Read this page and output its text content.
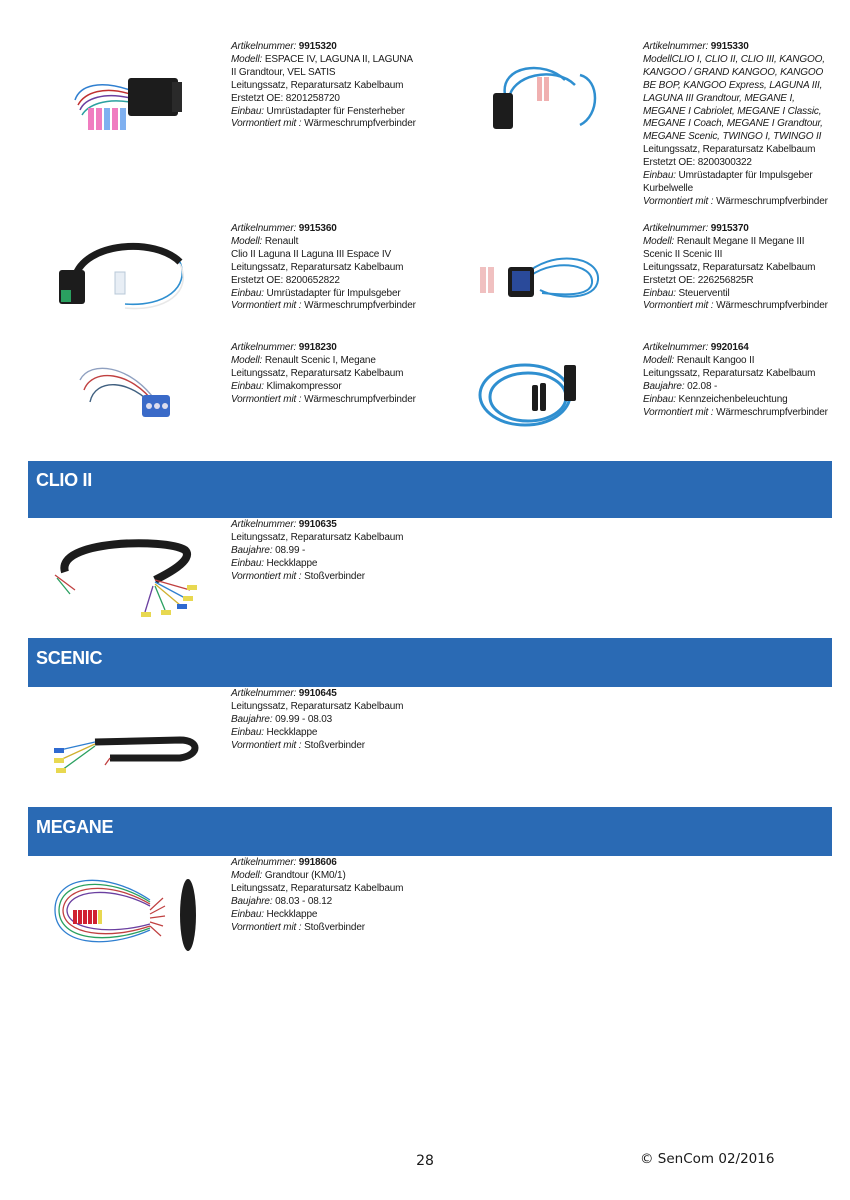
Artikelnummer: 9915320
Modell: ESPACE IV, LAGUNA II, LAGUNA
II Grandtour, VEL SATIS
Leitungssatz, Reparatursatz Kabelbaum
Erstetzt OE: 8201258720
Einbau: Umrüstadapter für Fensterheber
Vormontiert mit : Wärmeschrumpfverbinder
Artikelnummer: 9915330
ModellCLIO I, CLIO II, CLIO III, KANGOO, KANGOO / GRAND KANGOO, KANGOO BE BOP, KANGOO Express, LAGUNA III, LAGUNA III Grandtour, MEGANE I, MEGANE I Cabriolet, MEGANE I Classic, MEGANE I Coach, MEGANE I Grandtour, MEGANE Scenic, TWINGO I, TWINGO II
Leitungssatz, Reparatursatz Kabelbaum
Erstetzt OE: 8200300322
Einbau: Umrüstadapter für Impulsgeber
Kurbelwelle
Vormontiert mit : Wärmeschrumpfverbinder
Artikelnummer: 9915360
Modell: Renault
Clio II Laguna II Laguna III Espace IV
Leitungssatz, Reparatursatz Kabelbaum
Erstetzt OE: 8200652822
Einbau: Umrüstadapter für Impulsgeber
Vormontiert mit : Wärmeschrumpfverbinder
Artikelnummer: 9915370
Modell: Renault Megane II Megane III
Scenic II Scenic III
Leitungssatz, Reparatursatz Kabelbaum
Erstetzt OE: 226256825R
Einbau: Steuerventil
Vormontiert mit : Wärmeschrumpfverbinder
Artikelnummer: 9918230
Modell: Renault Scenic I, Megane
Leitungssatz, Reparatursatz Kabelbaum
Einbau: Klimakompressor
Vormontiert mit : Wärmeschrumpfverbinder
Artikelnummer: 9920164
Modell: Renault Kangoo II
Leitungssatz, Reparatursatz Kabelbaum
Baujahre: 02.08 -
Einbau: Kennzeichenbeleuchtung
Vormontiert mit : Wärmeschrumpfverbinder
CLIO II
Artikelnummer: 9910635
Leitungssatz, Reparatursatz Kabelbaum
Baujahre: 08.99 -
Einbau: Heckklappe
Vormontiert mit : Stoßverbinder
SCENIC
Artikelnummer: 9910645
Leitungssatz, Reparatursatz Kabelbaum
Baujahre: 09.99 - 08.03
Einbau: Heckklappe
Vormontiert mit : Stoßverbinder
MEGANE
Artikelnummer: 9918606
Modell: Grandtour (KM0/1)
Leitungssatz, Reparatursatz Kabelbaum
Baujahre: 08.03 - 08.12
Einbau: Heckklappe
Vormontiert mit : Stoßverbinder
28	© SenCom 02/2016
